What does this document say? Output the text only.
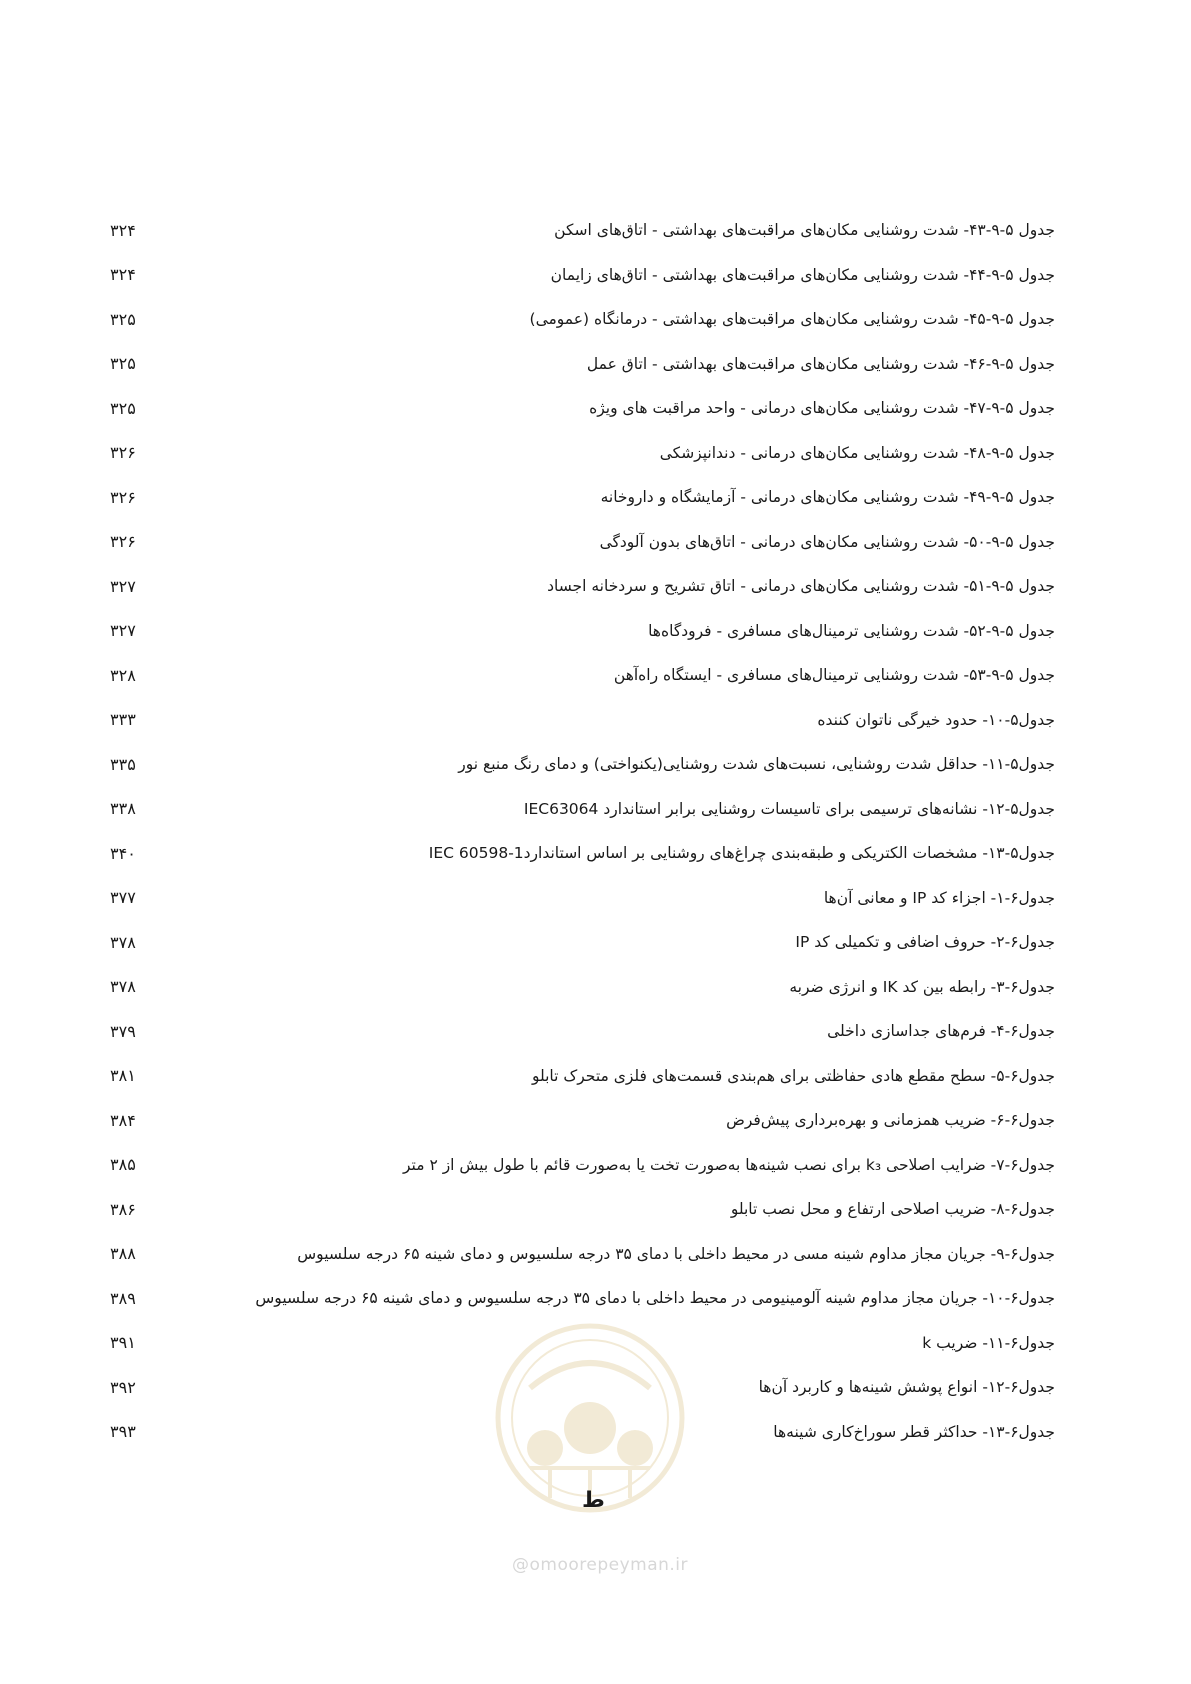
جدول ۵-۹-۴۳- شدت روشنایی مکان‌های مراقبت‌های بهداشتی - اتاق‌های اسکن
۳۲۴
جدول ۵-۹-۴۴- شدت روشنایی مکان‌های مراقبت‌های بهداشتی - اتاق‌های زایمان
۳۲۴
جدول ۵-۹-۴۵- شدت روشنایی مکان‌های مراقبت‌های بهداشتی - درمانگاه (عمومی)
۳۲۵
جدول ۵-۹-۴۶- شدت روشنایی مکان‌های مراقبت‌های بهداشتی - اتاق عمل
۳۲۵
جدول ۵-۹-۴۷- شدت روشنایی مکان‌های درمانی - واحد مراقبت های ویژه
۳۲۵
جدول ۵-۹-۴۸- شدت روشنایی مکان‌های درمانی - دندانپزشکی
۳۲۶
جدول ۵-۹-۴۹- شدت روشنایی مکان‌های درمانی - آزمایشگاه و داروخانه
۳۲۶
جدول ۵-۹-۵۰- شدت روشنایی مکان‌های درمانی - اتاق‌های بدون آلودگی
۳۲۶
جدول ۵-۹-۵۱- شدت روشنایی مکان‌های درمانی - اتاق تشریح و سردخانه اجساد
۳۲۷
جدول ۵-۹-۵۲- شدت روشنایی ترمینال‌های مسافری - فرودگاه‌ها
۳۲۷
جدول ۵-۹-۵۳- شدت روشنایی ترمینال‌های مسافری - ایستگاه راه‌آهن
۳۲۸
جدول۵-۱۰- حدود خیرگی ناتوان کننده
۳۳۳
جدول۵-۱۱- حداقل شدت روشنایی، نسبت‌های شدت روشنایی(یکنواختی) و دمای رنگ منبع نور
۳۳۵
جدول۵-۱۲- نشانه‌های ترسیمی برای تاسیسات روشنایی برابر استاندارد IEC63064
۳۳۸
جدول۵-۱۳- مشخصات الکتریکی و طبقه‌بندی چراغ‌های روشنایی بر اساس استانداردIEC 60598-1
۳۴۰
جدول۶-۱- اجزاء کد IP و معانی آن‌ها
۳۷۷
جدول۶-۲- حروف اضافی و تکمیلی کد IP
۳۷۸
جدول۶-۳- رابطه بین کد IK و انرژی ضربه
۳۷۸
جدول۶-۴- فرم‌های جداسازی داخلی
۳۷۹
جدول۶-۵- سطح مقطع هادی حفاظتی برای هم‌بندی قسمت‌های فلزی متحرک تابلو
۳۸۱
جدول۶-۶- ضریب همزمانی و بهره‌برداری پیش‌فرض
۳۸۴
جدول۶-۷- ضرایب اصلاحی k₃ برای نصب شینه‌ها به‌صورت تخت یا به‌صورت قائم با طول بیش از ۲ متر
۳۸۵
جدول۶-۸- ضریب اصلاحی ارتفاع و محل نصب تابلو
۳۸۶
جدول۶-۹- جریان مجاز مداوم شینه مسی در محیط داخلی با دمای ۳۵ درجه سلسیوس و دمای شینه ۶۵ درجه سلسیوس
۳۸۸
جدول۶-۱۰- جریان مجاز مداوم شینه آلومینیومی در محیط داخلی با دمای ۳۵ درجه سلسیوس و دمای شینه ۶۵ درجه سلسیوس
۳۸۹
جدول۶-۱۱- ضریب k
۳۹۱
جدول۶-۱۲- انواع پوشش شینه‌ها و کاربرد آن‌ها
۳۹۲
جدول۶-۱۳- حداکثر قطر سوراخ‌کاری شینه‌ها
۳۹۳
ط
@omoorepeyman.ir
